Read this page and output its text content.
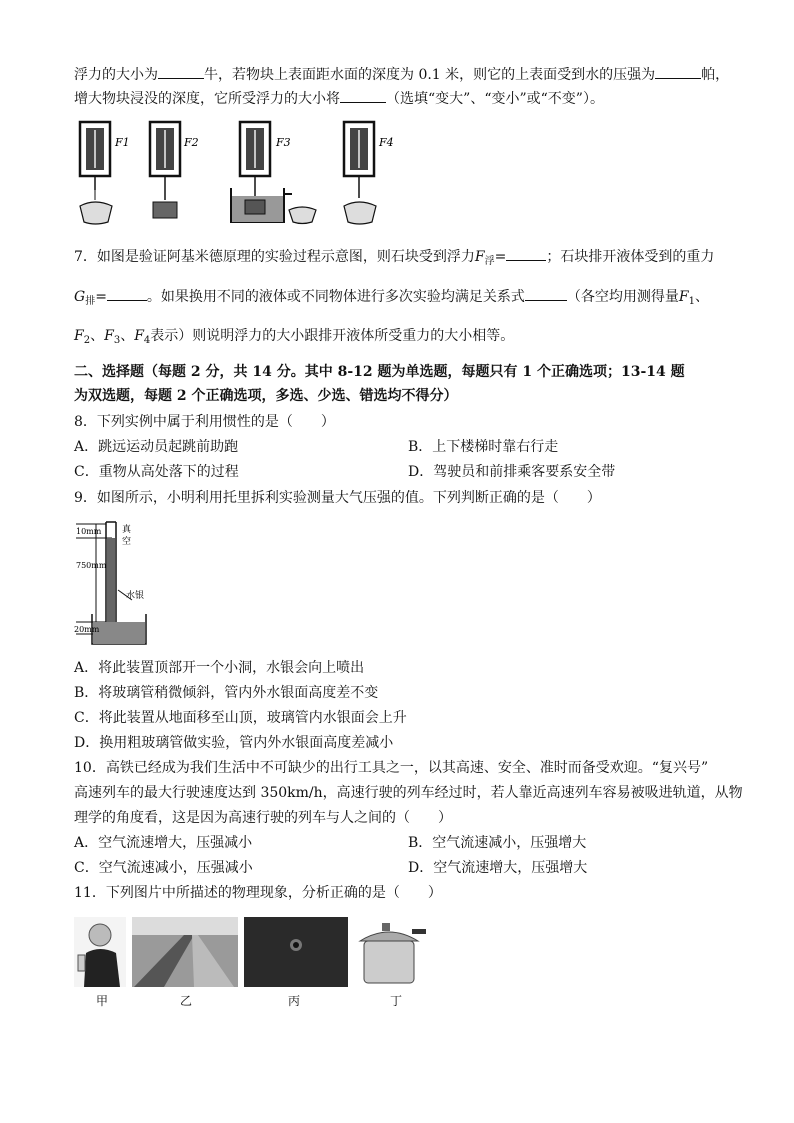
浮力的大小为	牛，若物块上表面距水面的深度为 0.1 米，则它的上表面受到水的压强为	帕，
增大物块浸没的深度，它所受浮力的大小将	（选填“变大”、“变小”或“不变”）。
F1	F2	F3	F4
7．如图是验证阿基米德原理的实验过程示意图，则石块受到浮力$F_浮=$	；石块排开液体受到的重力
$G_排=$	。如果换用不同的液体或不同物体进行多次实验均满足关系式	（各空均用测得量$F_1$、
$F_2$、$F_3$、$F_4$表示）则说明浮力的大小跟排开液体所受重力的大小相等。
二、选择题（每题 2 分，共 14 分。其中 8-12 题为单选题，每题只有 1 个正确选项；13-14 题
为双选题，每题 2 个正确选项，多选、少选、错选均不得分）
8．下列实例中属于利用惯性的是（　　）
A．跳远运动员起跳前助跑	B．上下楼梯时靠右行走
C．重物从高处落下的过程	D．驾驶员和前排乘客要系安全带
9．如图所示，小明利用托里拆利实验测量大气压强的值。下列判断正确的是（　　）
10mm 真
空
750mm
水银
20mm
A．将此装置顶部开一个小洞，水银会向上喷出
B．将玻璃管稍微倾斜，管内外水银面高度差不变
C．将此装置从地面移至山顶，玻璃管内水银面会上升
D．换用粗玻璃管做实验，管内外水银面高度差减小
10．高铁已经成为我们生活中不可缺少的出行工具之一，以其高速、安全、准时而备受欢迎。“复兴号”
高速列车的最大行驶速度达到 350km/h，高速行驶的列车经过时，若人靠近高速列车容易被吸进轨道，从物
理学的角度看，这是因为高速行驶的列车与人之间的（　　）
A．空气流速增大，压强减小	B．空气流速减小，压强增大
C．空气流速减小，压强减小	D．空气流速增大，压强增大
11．下列图片中所描述的物理现象，分析正确的是（　　）
甲	乙	丙	丁
